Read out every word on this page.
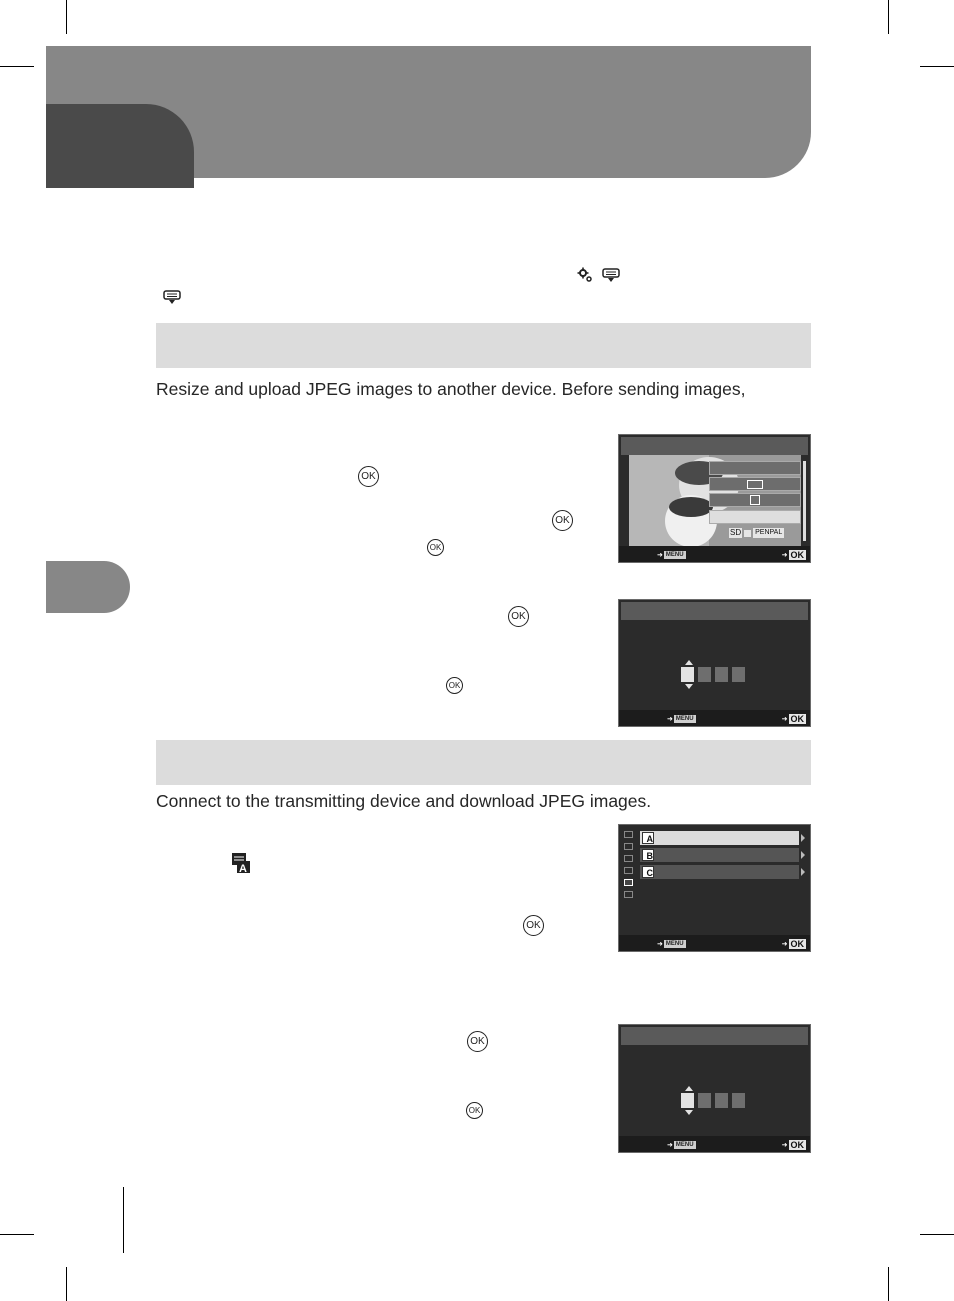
Resize and upload JPEG images to another device. Before sending images,

OK
OK
OK
➜ MENU	➜ OK
SD PENPAL
OK
OK
➜ MENU	➜ OK

Connect to the transmitting device and download JPEG images.

A
OK
➜ MENU	➜ OK
A
B
C
OK
OK
➜ MENU	➜ OK
